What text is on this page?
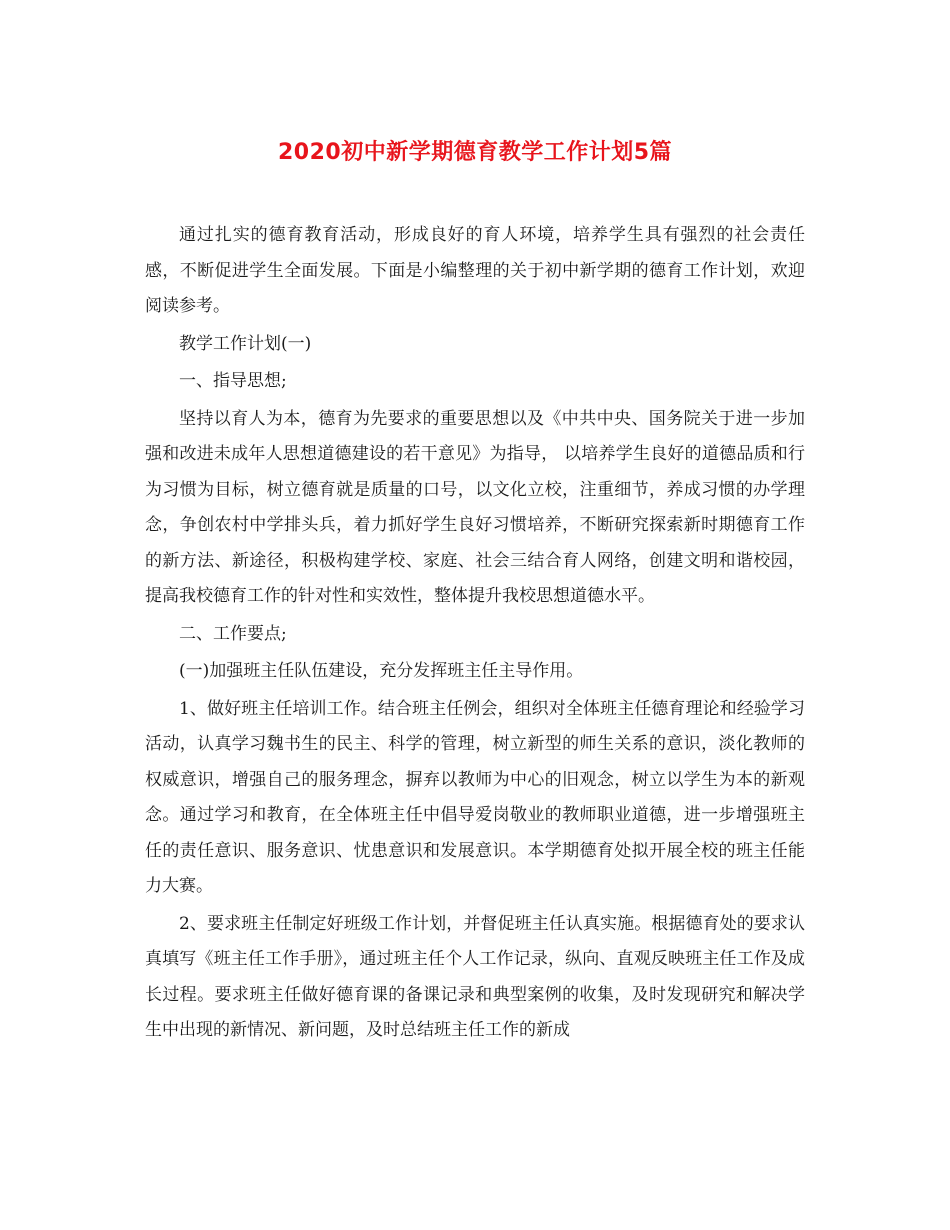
2020初中新学期德育教学工作计划5篇

通过扎实的德育教育活动，形成良好的育人环境，培养学生具有强烈的社会责任感，不断促进学生全面发展。下面是小编整理的关于初中新学期的德育工作计划，欢迎阅读参考。

教学工作计划(一)

一、指导思想;

坚持以育人为本，德育为先要求的重要思想以及《中共中央、国务院关于进一步加强和改进未成年人思想道德建设的若干意见》为指导， 以培养学生良好的道德品质和行为习惯为目标，树立德育就是质量的口号，以文化立校，注重细节，养成习惯的办学理念，争创农村中学排头兵，着力抓好学生良好习惯培养，不断研究探索新时期德育工作的新方法、新途径，积极构建学校、家庭、社会三结合育人网络，创建文明和谐校园，提高我校德育工作的针对性和实效性，整体提升我校思想道德水平。

二、工作要点;

(一)加强班主任队伍建设，充分发挥班主任主导作用。

1、做好班主任培训工作。结合班主任例会，组织对全体班主任德育理论和经验学习活动，认真学习魏书生的民主、科学的管理，树立新型的师生关系的意识，淡化教师的权威意识，增强自己的服务理念，摒弃以教师为中心的旧观念，树立以学生为本的新观念。通过学习和教育，在全体班主任中倡导爱岗敬业的教师职业道德，进一步增强班主任的责任意识、服务意识、忧患意识和发展意识。本学期德育处拟开展全校的班主任能力大赛。

2、要求班主任制定好班级工作计划，并督促班主任认真实施。根据德育处的要求认真填写《班主任工作手册》，通过班主任个人工作记录，纵向、直观反映班主任工作及成长过程。要求班主任做好德育课的备课记录和典型案例的收集，及时发现研究和解决学生中出现的新情况、新问题，及时总结班主任工作的新成
